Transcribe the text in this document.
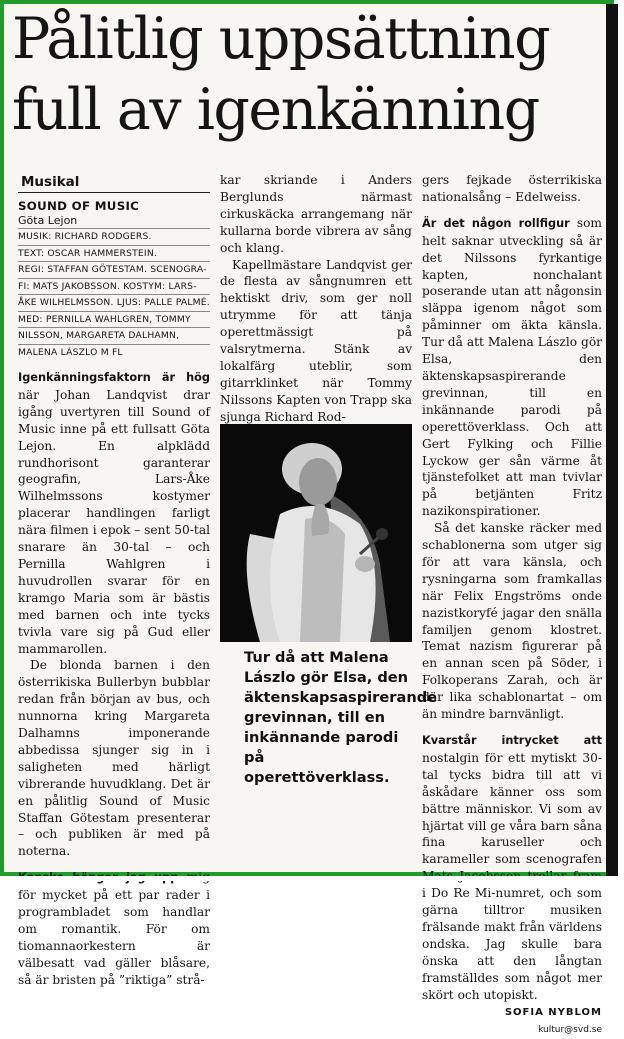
Pålitlig uppsättning full av igenkänning
Musikal
SOUND OF MUSIC
Göta Lejon
MUSIK: RICHARD RODGERS.
TEXT: OSCAR HAMMERSTEIN.
REGI: STAFFAN GÖTESTAM. SCENOGRA-
FI: MATS JAKOBSSON. KOSTYM: LARS-
ÅKE WILHELMSSON. LJUS: PALLE PALMÉ.
MED: PERNILLA WAHLGREN, TOMMY
NILSSON, MARGARETA DALHAMN,
MALENA LÁSZLO M FL

Igenkänningsfaktorn är hög när Johan Landqvist drar igång uvertyren till Sound of Music inne på ett fullsatt Göta Lejon. En alpklädd rundhorisont garanterar geografin, Lars-Åke Wilhelmssons kostymer placerar handlingen farligt nära filmen i epok – sent 50-tal snarare än 30-tal – och Pernilla Wahlgren i huvudrollen svarar för en kramgo Maria som är bästis med barnen och inte tycks tvivla vare sig på Gud eller mammarollen.

De blonda barnen i den österrikiska Bullerbyn bubblar redan från början av bus, och nunnorna kring Margareta Dalhamns imponerande abbedissa sjunger sig in i saligheten med härligt vibrerande huvudklang. Det är en pålitlig Sound of Music Staffan Götestam presenterar – och publiken är med på noterna.

för mycket på ett par rader i programbladet som handlar om romantik. För om tiomannaorkestern är välbesatt vad gäller blåsare, så är bristen på ”riktiga” strå-

kar skriande i Anders Berglunds närmast cirkuskäcka arrangemang när kullarna borde vibrera av sång och klang.

Kapellmästare Landqvist ger de flesta av sångnumren ett hektiskt driv, som ger noll utrymme för att tänja operettmässigt på valsrytmerna. Stänk av lokalfärg uteblir, som gitarrklinket när Tommy Nilssons Kapten von Trapp ska sjunga Richard Rod-

Tur då att Malena Lászlo gör Elsa, den äktenskapsaspirerande grevinnan, till en inkännande parodi på operettöverklass.

gers fejkade österrikiska nationalsång – Edelweiss.

Är det någon rollfigur som helt saknar utveckling så är det Nilssons fyrkantige kapten, nonchalant poserande utan att någonsin släppa igenom något som påminner om äkta känsla. Tur då att Malena Lászlo gör Elsa, den äktenskapsaspirerande grevinnan, till en inkännande parodi på operettöverklass. Och att Gert Fylking och Fillie Lyckow ger sån värme åt tjänstefolket att man tvivlar på betjänten Fritz nazikonspirationer.

Så det kanske räcker med schablonerna som utger sig för att vara känsla, och rysningarna som framkallas när Felix Engströms onde nazistkoryfé jagar den snälla familjen genom klostret. Temat nazism figurerar på en annan scen på Söder, i Folkoperans Zarah, och är där lika schablonartat – om än mindre barnvänligt.

Kvarstår intrycket att nostalgin för ett mytiskt 30-tal tycks bidra till att vi åskådare känner oss som bättre människor. Vi som av hjärtat vill ge våra barn såna fina karuseller och karameller som scenografen i Do Re Mi-numret, och som gärna tilltror musiken frälsande makt från världens ondska. Jag skulle bara önska att den långtan framställdes som något mer skört och utopiskt.

SOFIA NYBLOM
kultur@svd.se
